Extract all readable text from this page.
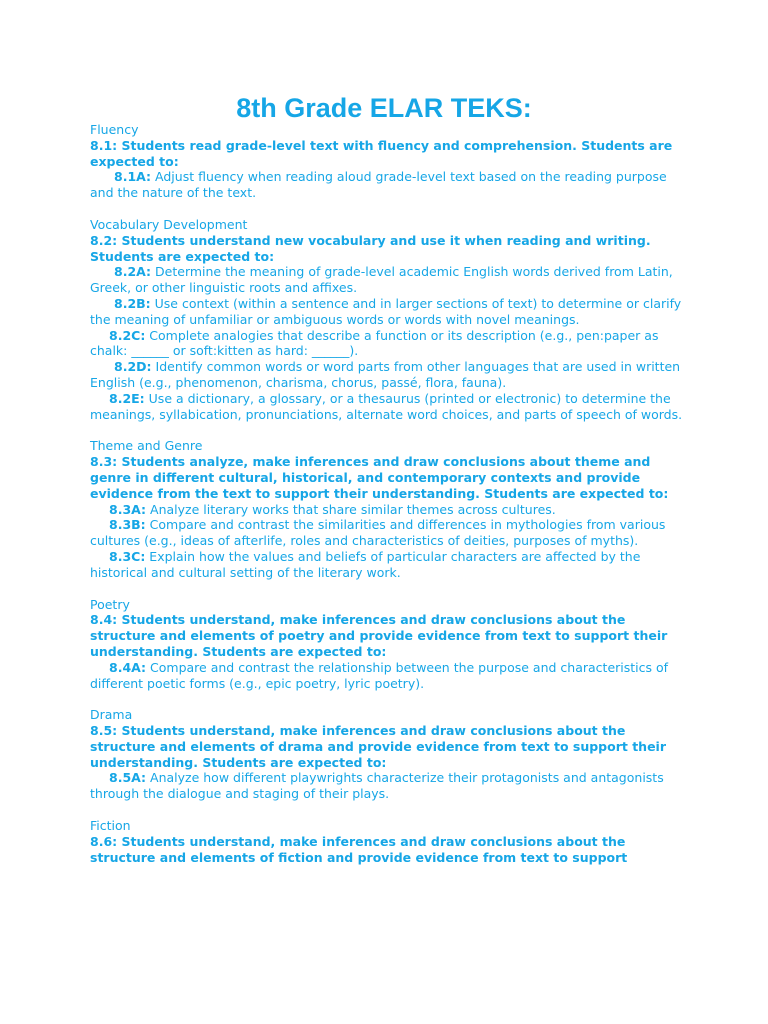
8th Grade ELAR TEKS:

Fluency

8.1: Students read grade-level text with fluency and comprehension. Students are expected to:

8.1A: Adjust fluency when reading aloud grade-level text based on the reading purpose and the nature of the text.

Vocabulary Development

8.2: Students understand new vocabulary and use it when reading and writing. Students are expected to:

8.2A: Determine the meaning of grade-level academic English words derived from Latin, Greek, or other linguistic roots and affixes.

8.2B: Use context (within a sentence and in larger sections of text) to determine or clarify the meaning of unfamiliar or ambiguous words or words with novel meanings.

8.2C: Complete analogies that describe a function or its description (e.g., pen:paper as chalk: ______ or soft:kitten as hard: ______).

8.2D: Identify common words or word parts from other languages that are used in written English (e.g., phenomenon, charisma, chorus, passé, flora, fauna).

8.2E: Use a dictionary, a glossary, or a thesaurus (printed or electronic) to determine the meanings, syllabication, pronunciations, alternate word choices, and parts of speech of words.

Theme and Genre

8.3: Students analyze, make inferences and draw conclusions about theme and genre in different cultural, historical, and contemporary contexts and provide evidence from the text to support their understanding. Students are expected to:

8.3A: Analyze literary works that share similar themes across cultures.

8.3B: Compare and contrast the similarities and differences in mythologies from various cultures (e.g., ideas of afterlife, roles and characteristics of deities, purposes of myths).

8.3C: Explain how the values and beliefs of particular characters are affected by the historical and cultural setting of the literary work.

Poetry

8.4: Students understand, make inferences and draw conclusions about the structure and elements of poetry and provide evidence from text to support their understanding. Students are expected to:

8.4A: Compare and contrast the relationship between the purpose and characteristics of different poetic forms (e.g., epic poetry, lyric poetry).

Drama

8.5: Students understand, make inferences and draw conclusions about the structure and elements of drama and provide evidence from text to support their understanding. Students are expected to:

8.5A: Analyze how different playwrights characterize their protagonists and antagonists through the dialogue and staging of their plays.

Fiction

8.6: Students understand, make inferences and draw conclusions about the structure and elements of fiction and provide evidence from text to support
